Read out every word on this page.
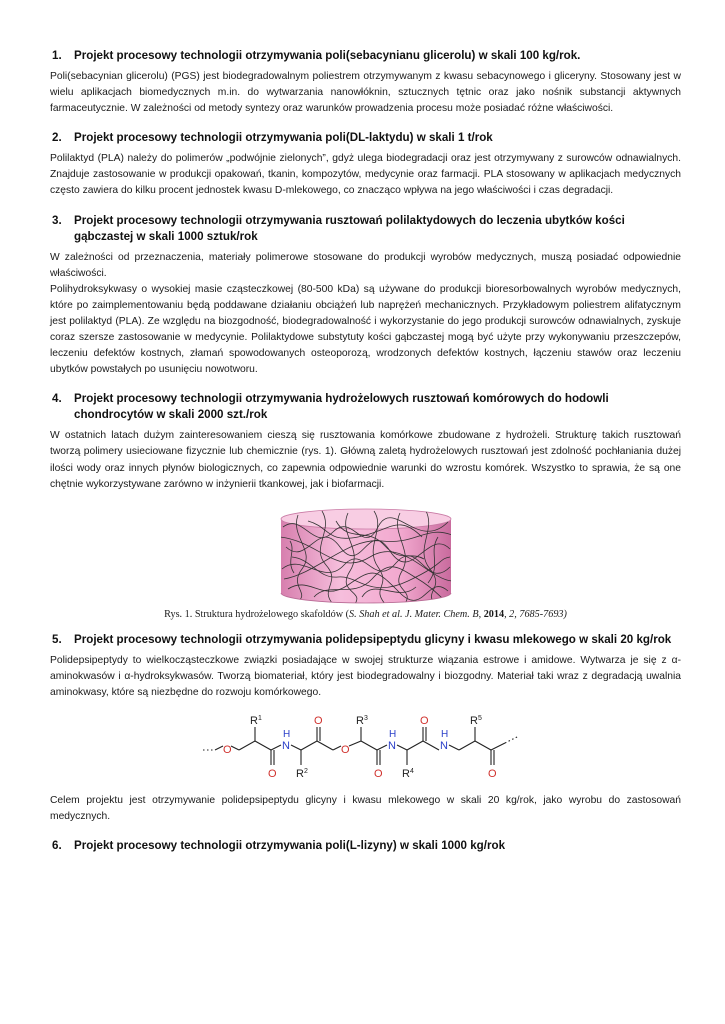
1.	Projekt procesowy technologii otrzymywania poli(sebacynianu glicerolu) w skali 100 kg/rok.

Poli(sebacynian glicerolu) (PGS) jest biodegradowalnym poliestrem otrzymywanym z kwasu sebacynowego i gliceryny. Stosowany jest w wielu aplikacjach biomedycznych m.in. do wytwarzania nanowłóknin, sztucznych tętnic oraz jako nośnik substancji aktywnych farmaceutycznie. W zależności od metody syntezy oraz warunków prowadzenia procesu może posiadać różne właściwości.

2.	Projekt procesowy technologii otrzymywania poli(DL-laktydu) w skali 1 t/rok

Polilaktyd (PLA) należy do polimerów „podwójnie zielonych”, gdyż ulega biodegradacji oraz jest otrzymywany z surowców odnawialnych. Znajduje zastosowanie w produkcji opakowań, tkanin, kompozytów, medycynie oraz farmacji. PLA stosowany w aplikacjach medycznych często zawiera do kilku procent jednostek kwasu D-mlekowego, co znacząco wpływa na jego właściwości i czas degradacji.

3.	Projekt procesowy technologii otrzymywania rusztowań polilaktydowych do leczenia ubytków kości gąbczastej w skali 1000 sztuk/rok

W zależności od przeznaczenia, materiały polimerowe stosowane do produkcji wyrobów medycznych, muszą posiadać odpowiednie właściwości.

Polihydroksykwasy o wysokiej masie cząsteczkowej (80-500 kDa) są używane do produkcji bioresorbowalnych wyrobów medycznych, które po zaimplementowaniu będą poddawane działaniu obciążeń lub naprężeń mechanicznych. Przykładowym poliestrem alifatycznym jest polilaktyd (PLA). Ze względu na biozgodność, biodegradowalność i wykorzystanie do jego produkcji surowców odnawialnych, zyskuje coraz szersze zastosowanie w medycynie. Polilaktydowe substytuty kości gąbczastej mogą być użyte przy wykonywaniu przeszczepów, leczeniu defektów kostnych, złamań spowodowanych osteoporozą, wrodzonych defektów kostnych, łączeniu stawów oraz leczeniu ubytków powstałych po usunięciu nowotworu.

4.	Projekt procesowy technologii otrzymywania hydrożelowych rusztowań komórowych do hodowli chondrocytów w skali 2000 szt./rok

W ostatnich latach dużym zainteresowaniem cieszą się rusztowania komórkowe zbudowane z hydrożeli. Strukturę takich rusztowań tworzą polimery usieciowane fizycznie lub chemicznie (rys. 1). Główną zaletą hydrożelowych rusztowań jest zdolność pochłaniania dużej ilości wody oraz innych płynów biologicznych, co zapewnia odpowiednie warunki do wzrostu komórek. Wszystko to sprawia, że są one chętnie wykorzystywane zarówno w inżynierii tkankowej, jak i biofarmacji.

Rys. 1. Struktura hydrożelowego skafoldów (S. Shah et al. J. Mater. Chem. B, 2014, 2, 7685-7693)
5.	Projekt procesowy technologii otrzymywania polidepsipeptydu glicyny i kwasu mlekowego w skali 20 kg/rok

Polidepsipeptydy to wielkocząsteczkowe związki posiadające w swojej strukturze wiązania estrowe i amidowe. Wytwarza je się z α-aminokwasów i α-hydroksykwasów. Tworzą biomateriał, który jest biodegradowalny i biozgodny. Materiał taki wraz z degradacją uwalnia aminokwasy, które są niezbędne do rozwoju komórkowego.

O
$R^1$
O
H
N
$R^2$
O
O
$R^3$
O
H
N
$R^4$
O
H
N
$R^5$
O

Celem projektu jest otrzymywanie polidepsipeptydu glicyny i kwasu mlekowego w skali 20 kg/rok, jako wyrobu do zastosowań medycznych.

6.	Projekt procesowy technologii otrzymywania poli(L-lizyny) w skali 1000 kg/rok
